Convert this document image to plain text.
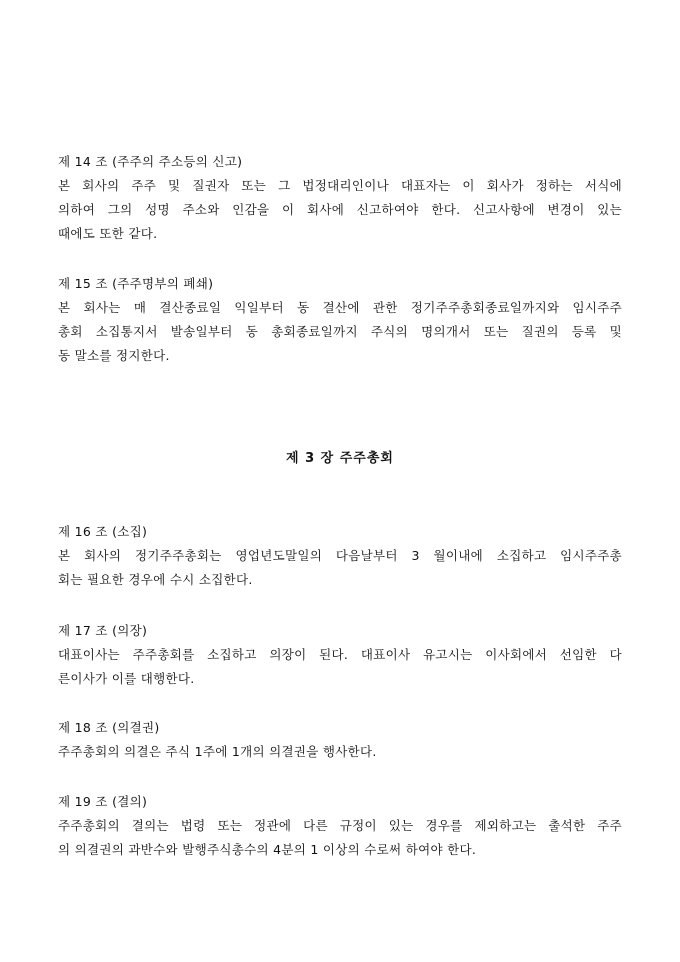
제 14 조 (주주의 주소등의 신고)
본 회사의 주주 및 질권자 또는 그 법정대리인이나 대표자는 이 회사가 정하는 서식에
의하여 그의 성명 주소와 인감을 이 회사에 신고하여야 한다. 신고사항에 변경이 있는
때에도 또한 같다.
제 15 조 (주주명부의 폐쇄)
본 회사는 매 결산종료일 익일부터 동 결산에 관한 정기주주총회종료일까지와 임시주주
총회 소집통지서 발송일부터 동 총회종료일까지 주식의 명의개서 또는 질권의 등록 및
동 말소를 정지한다.
제 3 장 주주총회
제 16 조 (소집)
본 회사의 정기주주총회는 영업년도말일의 다음날부터 3 월이내에 소집하고 임시주주총
회는 필요한 경우에 수시 소집한다.
제 17 조 (의장)
대표이사는 주주총회를 소집하고 의장이 된다. 대표이사 유고시는 이사회에서 선임한 다
른이사가 이를 대행한다.
제 18 조 (의결권)
주주총회의 의결은 주식 1주에 1개의 의결권을 행사한다.
제 19 조 (결의)
주주총회의 결의는 법령 또는 정관에 다른 규정이 있는 경우를 제외하고는 출석한 주주
의 의결권의 과반수와 발행주식총수의 4분의 1 이상의 수로써 하여야 한다.
